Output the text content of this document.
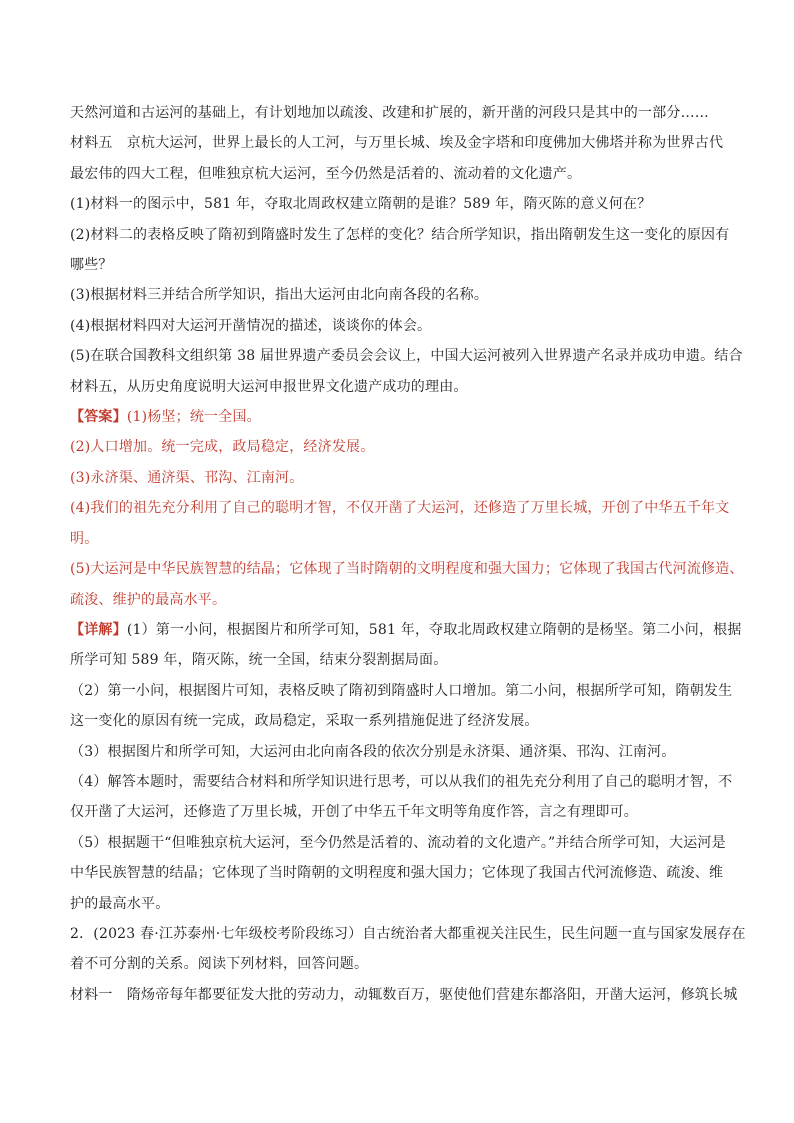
天然河道和古运河的基础上，有计划地加以疏浚、改建和扩展的，新开凿的河段只是其中的一部分……
材料五　京杭大运河，世界上最长的人工河，与万里长城、埃及金字塔和印度佛加大佛塔并称为世界古代
最宏伟的四大工程，但唯独京杭大运河，至今仍然是活着的、流动着的文化遗产。
(1)材料一的图示中，581 年，夺取北周政权建立隋朝的是谁？589 年，隋灭陈的意义何在？
(2)材料二的表格反映了隋初到隋盛时发生了怎样的变化？结合所学知识，指出隋朝发生这一变化的原因有
哪些？
(3)根据材料三并结合所学知识，指出大运河由北向南各段的名称。
(4)根据材料四对大运河开凿情况的描述，谈谈你的体会。
(5)在联合国教科文组织第 38 届世界遗产委员会会议上，中国大运河被列入世界遗产名录并成功申遗。结合
材料五，从历史角度说明大运河申报世界文化遗产成功的理由。
【答案】(1)杨坚；统一全国。
(2)人口增加。统一完成，政局稳定，经济发展。
(3)永济渠、通济渠、邗沟、江南河。
(4)我们的祖先充分利用了自己的聪明才智，不仅开凿了大运河，还修造了万里长城，开创了中华五千年文
明。
(5)大运河是中华民族智慧的结晶；它体现了当时隋朝的文明程度和强大国力；它体现了我国古代河流修造、
疏浚、维护的最高水平。
【详解】(1）第一小问，根据图片和所学可知，581 年，夺取北周政权建立隋朝的是杨坚。第二小问，根据
所学可知 589 年，隋灭陈，统一全国，结束分裂割据局面。
（2）第一小问，根据图片可知，表格反映了隋初到隋盛时人口增加。第二小问，根据所学可知，隋朝发生
这一变化的原因有统一完成，政局稳定，采取一系列措施促进了经济发展。
（3）根据图片和所学可知，大运河由北向南各段的依次分别是永济渠、通济渠、邗沟、江南河。
（4）解答本题时，需要结合材料和所学知识进行思考，可以从我们的祖先充分利用了自己的聪明才智，不
仅开凿了大运河，还修造了万里长城，开创了中华五千年文明等角度作答，言之有理即可。
（5）根据题干“但唯独京杭大运河，至今仍然是活着的、流动着的文化遗产。”并结合所学可知，大运河是
中华民族智慧的结晶；它体现了当时隋朝的文明程度和强大国力；它体现了我国古代河流修造、疏浚、维
护的最高水平。
2．(2023 春·江苏泰州·七年级校考阶段练习）自古统治者大都重视关注民生，民生问题一直与国家发展存在
着不可分割的关系。阅读下列材料，回答问题。
材料一　隋炀帝每年都要征发大批的劳动力，动辄数百万，驱使他们营建东都洛阳，开凿大运河，修筑长城
